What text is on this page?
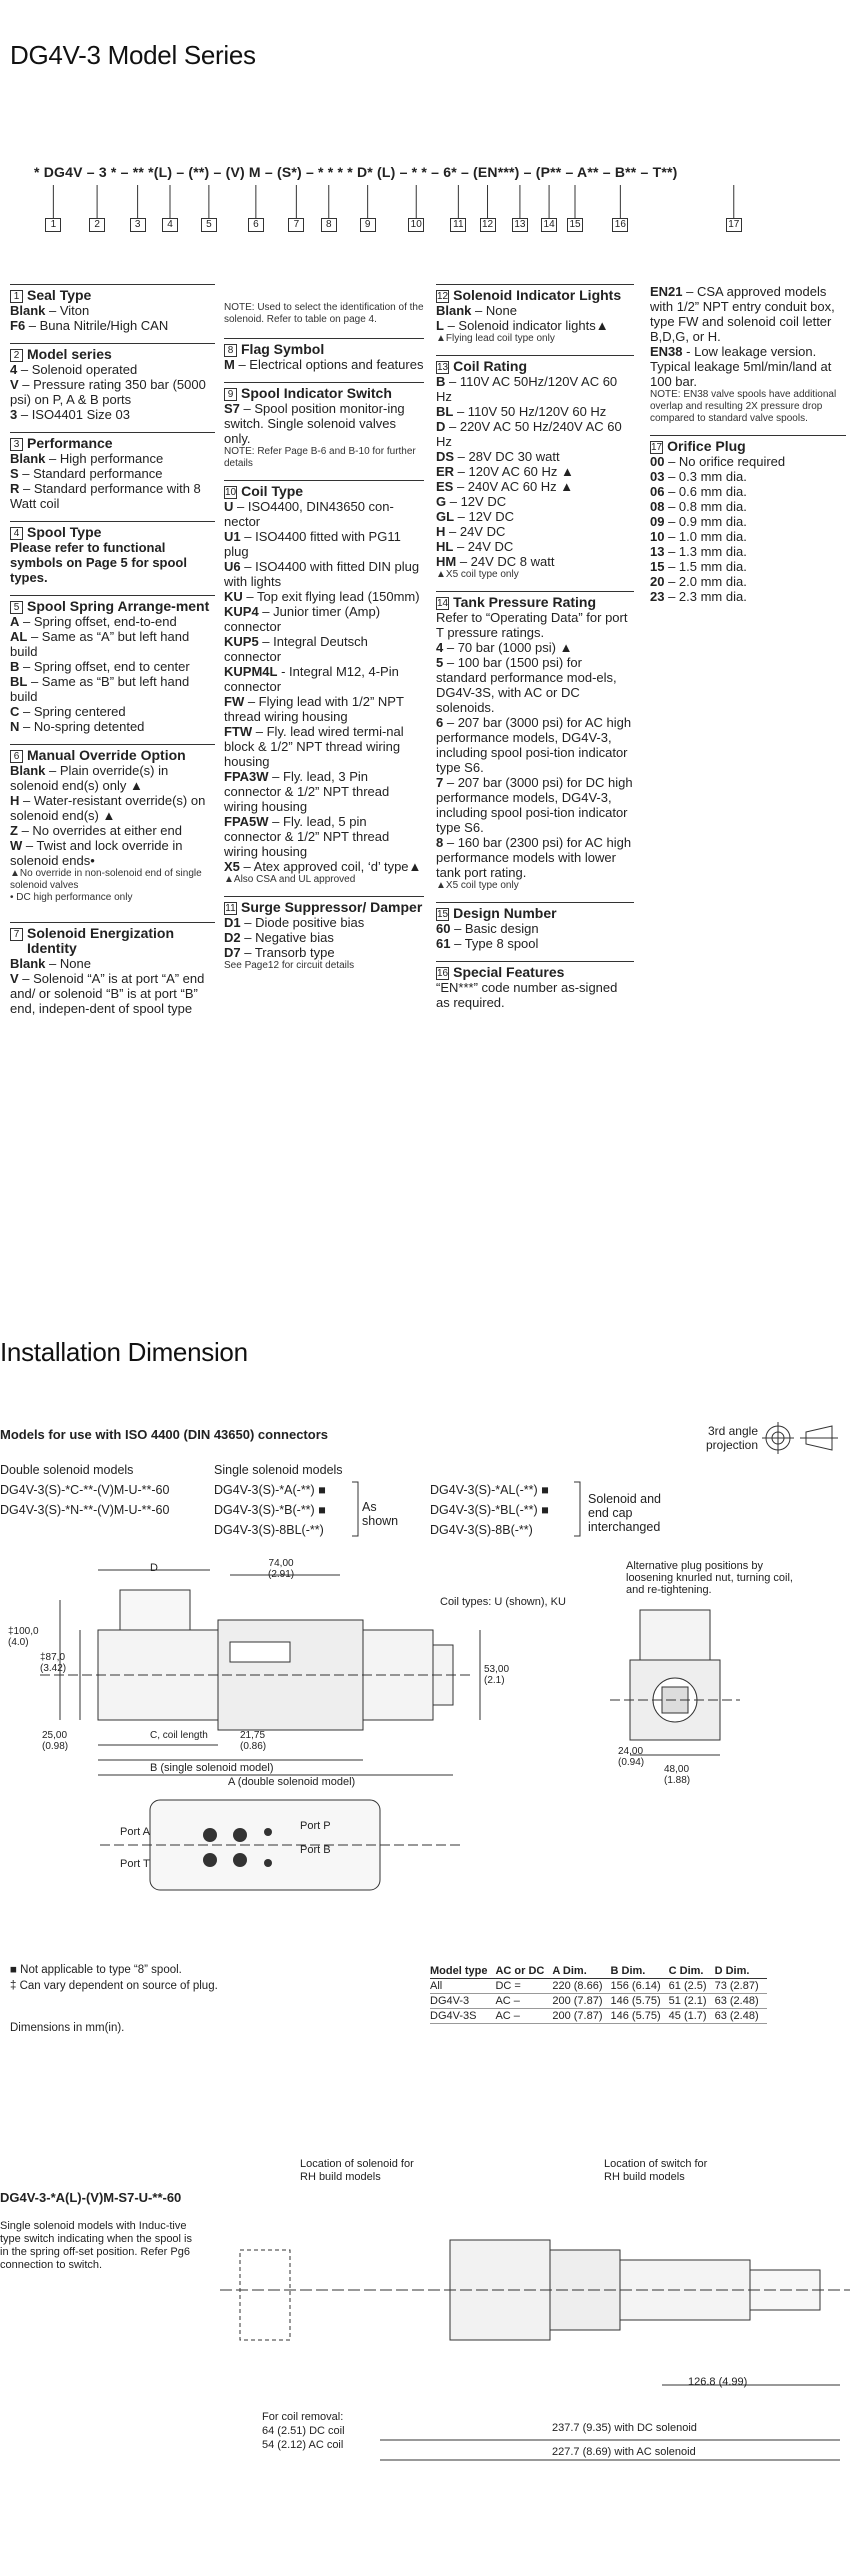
DG4V-3 Model Series
* DG4V – 3 * – ** *(L) – (**) – (V) M – (S*) – * * * * D* (L) – * * – 6* – (EN***) – (P** – A** – B** – T**)
1	2	3	4	5	6	7	8	9	10	11 12 13 14 15	16	17
1 Seal Type

Blank – Viton

F6 – Buna Nitrile/High CAN

2 Model series

4 – Solenoid operated

V – Pressure rating 350 bar (5000 psi) on P, A & B ports

3 – ISO4401 Size 03

3 Performance

Blank – High performance

S – Standard performance

R – Standard performance with 8 Watt coil

4 Spool Type

Please refer to functional symbols on Page 5 for spool types.

5 Spool Spring Arrange-ment

A – Spring offset, end-to-end

AL – Same as “A” but left hand build

B – Spring offset, end to center

BL – Same as “B” but left hand build

C – Spring centered

N – No-spring detented

6 Manual Override Option

Blank – Plain override(s) in solenoid end(s) only ▲

H – Water-resistant override(s) on solenoid end(s) ▲

Z – No overrides at either end

W – Twist and lock override in solenoid ends•

▲No override in non-solenoid end of single solenoid valves
• DC high performance only
7 Solenoid Energization Identity

Blank – None

V – Solenoid “A” is at port “A” end and/ or solenoid “B” is at port “B” end, indepen-dent of spool type

NOTE: Used to select the identification of the solenoid. Refer to table on page 4.
8 Flag Symbol

M – Electrical options and features

9 Spool Indicator Switch

S7 – Spool position monitor-ing switch. Single solenoid valves only.

NOTE: Refer Page B-6 and B-10 for further details
10 Coil Type

U – ISO4400, DIN43650 con-nector

U1 – ISO4400 fitted with PG11 plug

U6 – ISO4400 with fitted DIN plug with lights

KU – Top exit flying lead (150mm)

KUP4 – Junior timer (Amp) connector

KUP5 – Integral Deutsch connector

KUPM4L - Integral M12, 4-Pin connector

FW – Flying lead with 1/2” NPT thread wiring housing

FTW – Fly. lead wired termi-nal block & 1/2” NPT thread wiring housing

FPA3W – Fly. lead, 3 Pin connector & 1/2” NPT thread wiring housing

FPA5W – Fly. lead, 5 pin connector & 1/2” NPT thread wiring housing

X5 – Atex approved coil, ‘d’ type▲

▲Also CSA and UL approved
11 Surge Suppressor/ Damper

D1 – Diode positive bias

D2 – Negative bias

D7 – Transorb type

See Page12 for circuit details
12 Solenoid Indicator Lights

Blank – None

L – Solenoid indicator lights▲

▲Flying lead coil type only
13 Coil Rating

B – 110V AC 50Hz/120V AC 60 Hz

BL – 110V 50 Hz/120V 60 Hz

D – 220V AC 50 Hz/240V AC 60 Hz

DS – 28V DC 30 watt

ER – 120V AC 60 Hz ▲

ES – 240V AC 60 Hz ▲

G – 12V DC

GL – 12V DC

H – 24V DC

HL – 24V DC

HM – 24V DC 8 watt

▲X5 coil type only
14 Tank Pressure Rating

Refer to “Operating Data” for port T pressure ratings.

4 – 70 bar (1000 psi) ▲

5 – 100 bar (1500 psi) for standard performance mod-els, DG4V-3S, with AC or DC solenoids.

6 – 207 bar (3000 psi) for AC high performance models, DG4V-3, including spool posi-tion indicator type S6.

7 – 207 bar (3000 psi) for DC high performance models, DG4V-3, including spool posi-tion indicator type S6.

8 – 160 bar (2300 psi) for AC high performance models with lower tank port rating.

▲X5 coil type only
15 Design Number

60 – Basic design

61 – Type 8 spool

16 Special Features

“EN***” code number as-signed as required.

EN21 – CSA approved models with 1/2” NPT entry conduit box, type FW and solenoid coil letter B,D,G, or H.

EN38 - Low leakage version. Typical leakage 5ml/min/land at 100 bar.

NOTE: EN38 valve spools have additional overlap and resulting 2X pressure drop compared to standard valve spools.
17 Orifice Plug

00 – No orifice required

03 – 0.3 mm dia.

06 – 0.6 mm dia.

08 – 0.8 mm dia.

09 – 0.9 mm dia.

10 – 1.0 mm dia.

13 – 1.3 mm dia.

15 – 1.5 mm dia.

20 – 2.0 mm dia.

23 – 2.3 mm dia.

Installation Dimension
Models for use with ISO 4400 (DIN 43650) connectors	3rd angle projection
Double solenoid models
DG4V-3(S)-*C-**-(V)M-U-**-60
DG4V-3(S)-*N-**-(V)M-U-**-60
Single solenoid models
DG4V-3(S)-*A(-**) ■
DG4V-3(S)-*B(-**) ■
DG4V-3(S)-8BL(-**)
As shown
DG4V-3(S)-*AL(-**) ■
DG4V-3(S)-*BL(-**) ■
DG4V-3(S)-8B(-**)
Solenoid and end cap interchanged
D	74,00
(2.91)
Coil types: U (shown), KU
Alternative plug positions by loosening knurled nut, turning coil, and re-tightening.
‡100,0
(4.0)
‡87,0
(3.42)	53,00
(2.1)
25,00
(0.98)
C, coil length	21,75
(0.86)
B (single solenoid model)
A (double solenoid model)
24,00
(0.94)
48,00
(1.88)
Port A	Port P
Port B
Port T
■ Not applicable to type “8” spool.
‡ Can vary dependent on source of plug.
Dimensions in mm(in).
Model type	AC or DC	A Dim.	B Dim.	C Dim.	D Dim.
All	DC =	220 (8.66)	156 (6.14)	61 (2.5)	73 (2.87)
DG4V-3	AC –	200 (7.87)	146 (5.75)	51 (2.1)	63 (2.48)
DG4V-3S	AC –	200 (7.87)	146 (5.75)	45 (1.7)	63 (2.48)
DG4V-3-*A(L)-(V)M-S7-U-**-60
Single solenoid models with Induc-tive type switch indicating when the spool is in the spring off-set position. Refer Pg6 connection to switch.
Location of solenoid for RH build models
Location of switch for RH build models
126.8 (4.99)
For coil removal:
64 (2.51) DC coil
54 (2.12) AC coil
237.7 (9.35) with DC solenoid
227.7 (8.69) with AC solenoid
